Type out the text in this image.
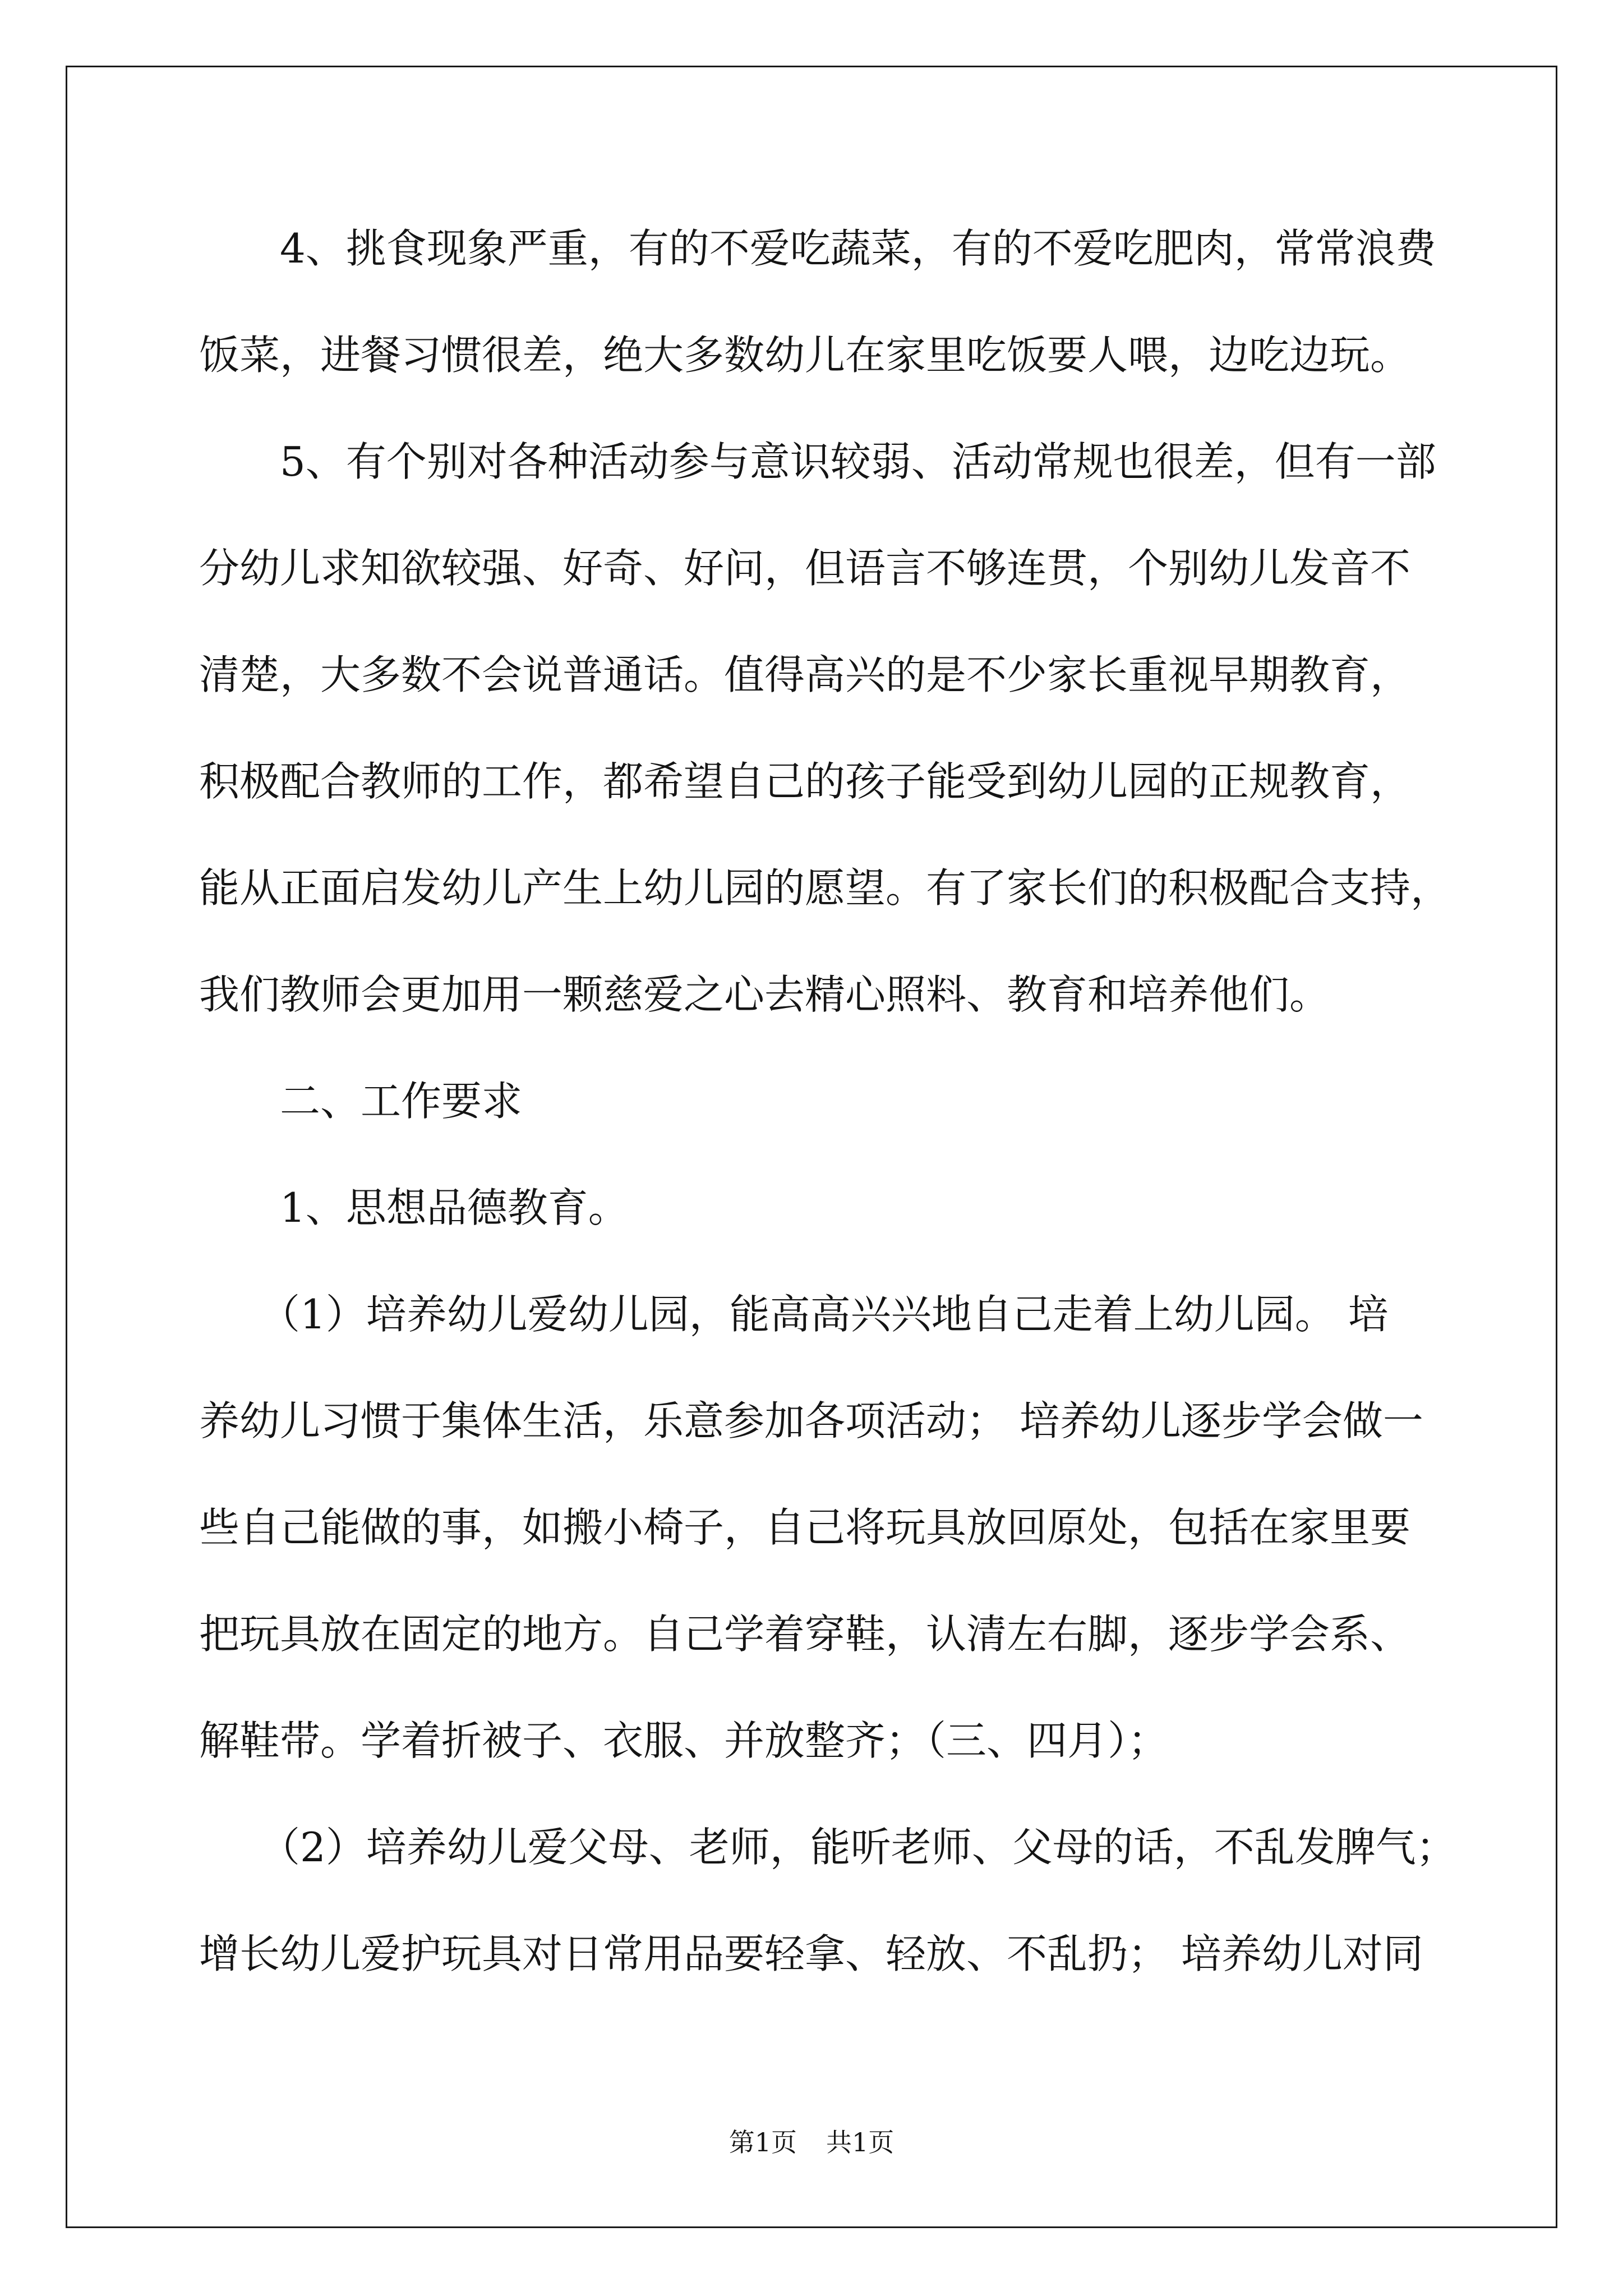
4、挑食现象严重，有的不爱吃蔬菜，有的不爱吃肥肉，常常浪费
饭菜，进餐习惯很差，绝大多数幼儿在家里吃饭要人喂，边吃边玩。
5、有个别对各种活动参与意识较弱、活动常规也很差，但有一部
分幼儿求知欲较强、好奇、好问，但语言不够连贯，个别幼儿发音不
清楚，大多数不会说普通话。值得高兴的是不少家长重视早期教育，
积极配合教师的工作，都希望自己的孩子能受到幼儿园的正规教育，
能从正面启发幼儿产生上幼儿园的愿望。有了家长们的积极配合支持，
我们教师会更加用一颗慈爱之心去精心照料、教育和培养他们。
二、工作要求
1、思想品德教育。
（1）培养幼儿爱幼儿园，能高高兴兴地自己走着上幼儿园。 培
养幼儿习惯于集体生活，乐意参加各项活动； 培养幼儿逐步学会做一
些自己能做的事，如搬小椅子，自己将玩具放回原处，包括在家里要
把玩具放在固定的地方。自己学着穿鞋，认清左右脚，逐步学会系、
解鞋带。学着折被子、衣服、并放整齐；（三、四月）；
（2）培养幼儿爱父母、老师，能听老师、父母的话，不乱发脾气；
增长幼儿爱护玩具对日常用品要轻拿、轻放、不乱扔； 培养幼儿对同
第1页 共1页
